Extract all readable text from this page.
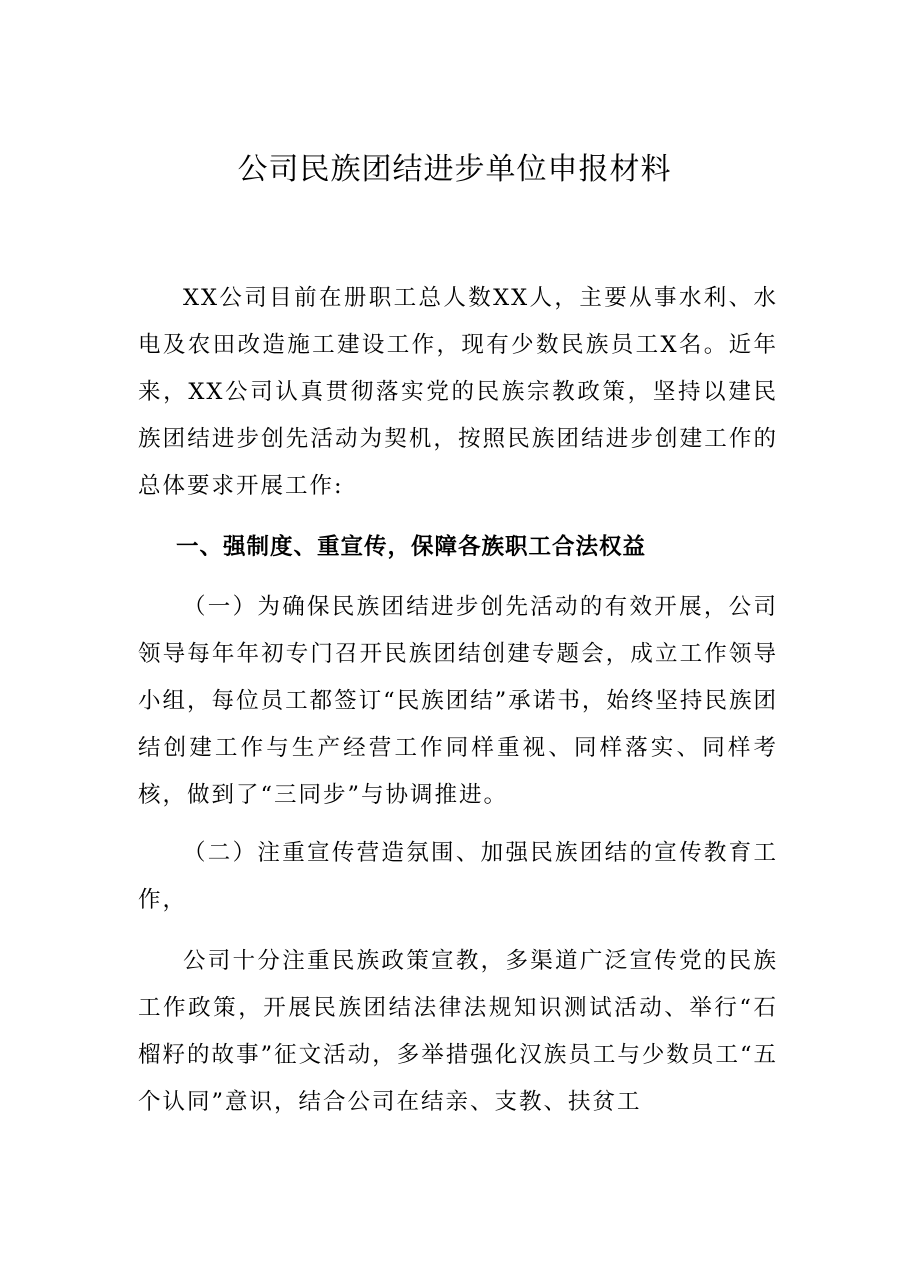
公司民族团结进步单位申报材料

XX公司目前在册职工总人数XX人，主要从事水利、水电及农田改造施工建设工作，现有少数民族员工X名。近年来，XX公司认真贯彻落实党的民族宗教政策，坚持以建民族团结进步创先活动为契机，按照民族团结进步创建工作的总体要求开展工作:

一、强制度、重宣传，保障各族职工合法权益

（一）为确保民族团结进步创先活动的有效开展，公司领导每年年初专门召开民族团结创建专题会，成立工作领导小组，每位员工都签订“民族团结”承诺书，始终坚持民族团结创建工作与生产经营工作同样重视、同样落实、同样考核，做到了“三同步”与协调推进。

（二）注重宣传营造氛围、加强民族团结的宣传教育工作，

公司十分注重民族政策宣教，多渠道广泛宣传党的民族工作政策，开展民族团结法律法规知识测试活动、举行“石榴籽的故事”征文活动，多举措强化汉族员工与少数员工“五个认同”意识，结合公司在结亲、支教、扶贫工
